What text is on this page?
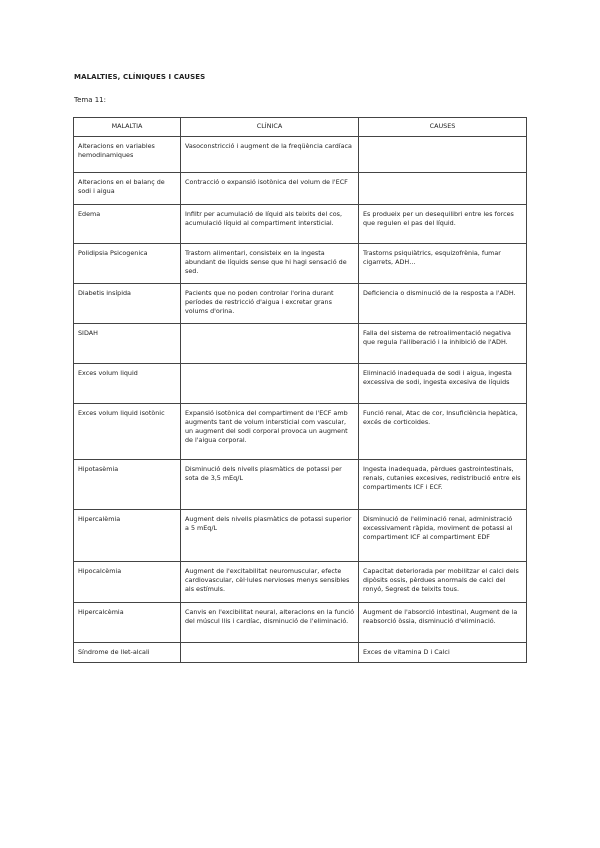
MALALTIES, CLÍNIQUES I CAUSES
Tema 11:
MALALTIA	CLÍNICA	CAUSES
Alteracions en variables hemodinamiques	Vasoconstricció i augment de la freqüència cardíaca	
Alteracions en el balanç de sodi i aigua	Contracció o expansió isotònica del volum de l'ECF	
Edema	Infiltr per acumulació de líquid als teixits del cos, acumulació líquid al compartiment intersticial.	Es produeix per un desequilibri entre les forces que regulen el pas del líquid.
Polidipsia Psicogenica	Trastorn alimentari, consisteix en la ingesta abundant de líquids sense que hi hagi sensació de sed.	Trastorns psiquiàtrics, esquizofrènia, fumar cigarrets, ADH…
Diabetis insípida	Pacients que no poden controlar l'orina durant períodes de restricció d'aigua i excretar grans volums d'orina.	Deficiencia o disminució de la resposta a l'ADH.
SIDAH		Falla del sistema de retroalimentació negativa que regula l'alliberació i la inhibició de l'ADH.
Exces volum liquid		Eliminació inadequada de sodi i aigua, ingesta excessiva de sodi, ingesta excesiva de líquids
Exces volum liquid isotònic	Expansió isotònica del compartiment de l'ECF amb augments tant de volum intersticial com vascular, un augment del sodi corporal provoca un augment de l'aigua corporal.	Funció renal, Atac de cor, Insuficiència hepàtica, excés de corticoides.
Hipotasèmia	Disminució dels nivells plasmàtics de potassi per sota de 3,5 mEq/L	Ingesta inadequada, pèrdues gastrointestinals, renals, cutanies excesives, redistribució entre els compartiments ICF i ECF.
Hipercalèmia	Augment dels nivells plasmàtics de potassi superior a 5 mEq/L	Disminució de l'eliminació renal, administració excessivament ràpida, moviment de potassi al compartiment ICF al compartiment EDF
Hipocalcèmia	Augment de l'excitabilitat neuromuscular, efecte cardiovascular, cèl·lules nervioses menys sensibles als estímuls.	Capacitat deteriorada per mobilitzar el calci dels dipòsits ossis, pèrdues anormals de calci del ronyó, Segrest de teixits tous.
Hipercalcèmia	Canvis en l'excibilitat neural, alteracions en la funció del múscul llis i cardíac, disminució de l'eliminació.	Augment de l'absorció intestinal, Augment de la reabsorció òssia, disminució d'eliminació.
Síndrome de llet-alcali		Exces de vitamina D i Calci
